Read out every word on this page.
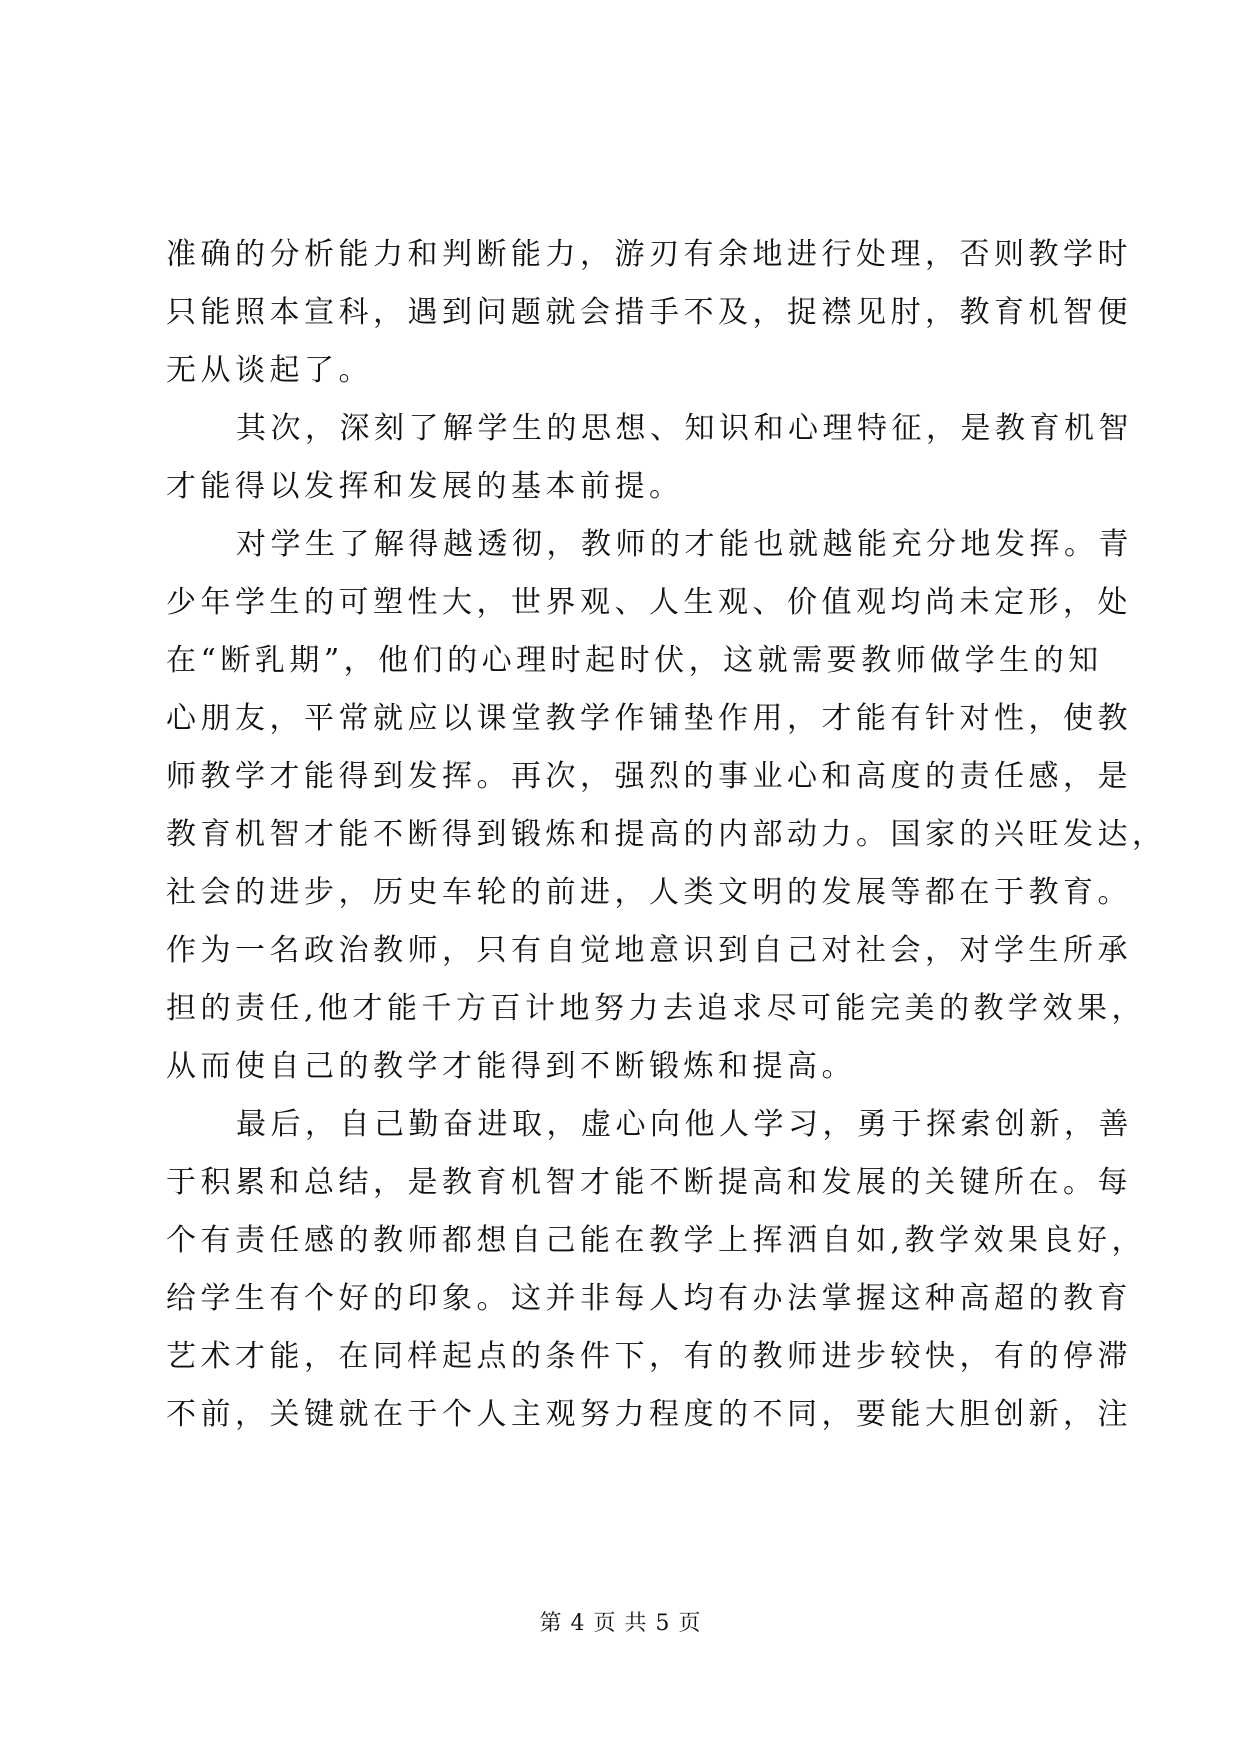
准确的分析能力和判断能力，游刃有余地进行处理，否则教学时
只能照本宣科，遇到问题就会措手不及，捉襟见肘，教育机智便
无从谈起了。
其次，深刻了解学生的思想、知识和心理特征，是教育机智
才能得以发挥和发展的基本前提。
对学生了解得越透彻，教师的才能也就越能充分地发挥。青
少年学生的可塑性大，世界观、人生观、价值观均尚未定形，处
在“断乳期”，他们的心理时起时伏，这就需要教师做学生的知
心朋友，平常就应以课堂教学作铺垫作用，才能有针对性，使教
师教学才能得到发挥。再次，强烈的事业心和高度的责任感，是
教育机智才能不断得到锻炼和提高的内部动力。国家的兴旺发达，
社会的进步，历史车轮的前进，人类文明的发展等都在于教育。
作为一名政治教师，只有自觉地意识到自己对社会，对学生所承
担的责任,他才能千方百计地努力去追求尽可能完美的教学效果，
从而使自己的教学才能得到不断锻炼和提高。
最后，自己勤奋进取，虚心向他人学习，勇于探索创新，善
于积累和总结，是教育机智才能不断提高和发展的关键所在。每
个有责任感的教师都想自己能在教学上挥洒自如,教学效果良好，
给学生有个好的印象。这并非每人均有办法掌握这种高超的教育
艺术才能，在同样起点的条件下，有的教师进步较快，有的停滞
不前，关键就在于个人主观努力程度的不同，要能大胆创新，注
第 4 页 共 5 页
